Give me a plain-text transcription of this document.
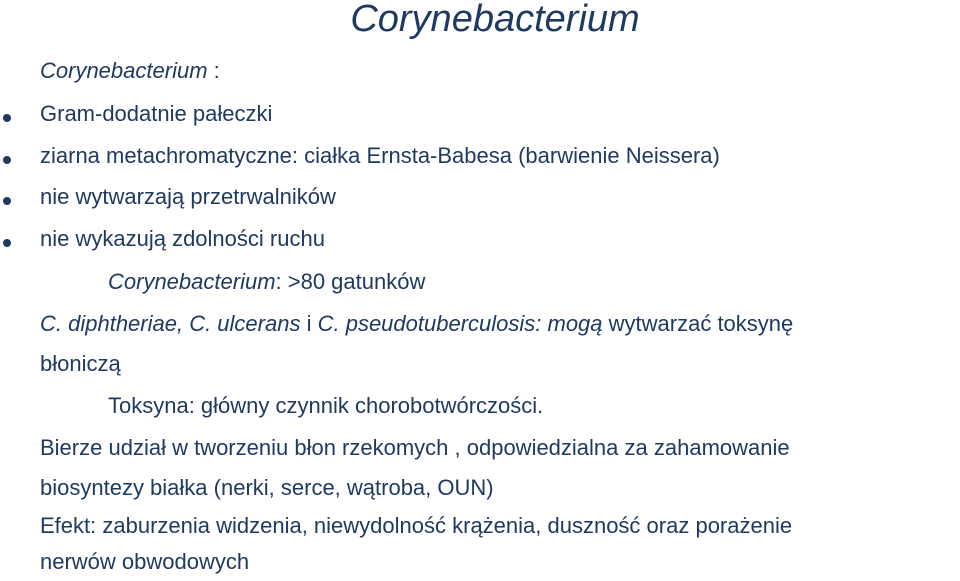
Corynebacterium
Corynebacterium :
Gram-dodatnie pałeczki
ziarna metachromatyczne: ciałka Ernsta-Babesa (barwienie Neissera)
nie wytwarzają przetrwalników
nie wykazują zdolności ruchu
Corynebacterium: >80 gatunków
C. diphtheriae, C. ulcerans i C. pseudotuberculosis: mogą wytwarzać toksynę
błoniczą
Toksyna: główny czynnik chorobotwórczości.
Bierze udział w tworzeniu błon rzekomych , odpowiedzialna za zahamowanie
biosyntezy białka (nerki, serce, wątroba, OUN)
Efekt: zaburzenia widzenia, niewydolność krążenia, duszność oraz porażenie
nerwów obwodowych
